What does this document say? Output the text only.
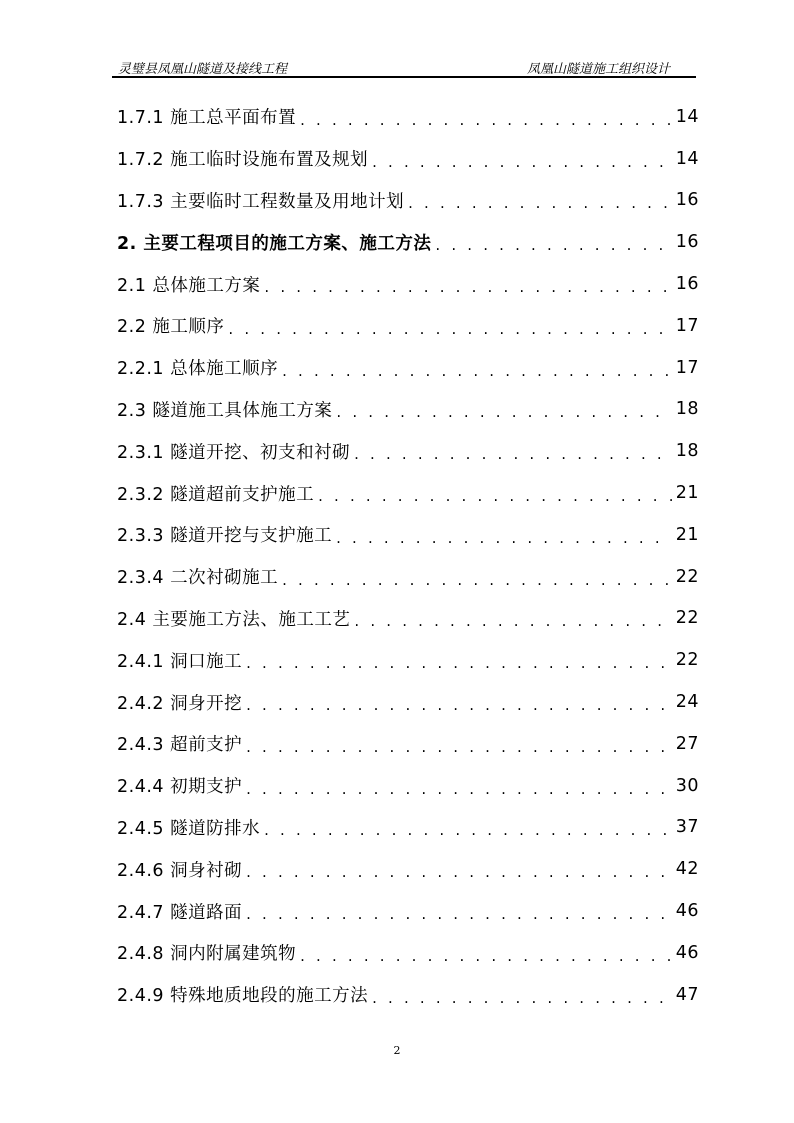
灵璧县凤凰山隧道及接线工程	凤凰山隧道施工组织设计
1.7.1 施工总平面布置 . . .	14
1.7.2 施工临时设施布置及规划 . . .	14
1.7.3 主要临时工程数量及用地计划 . . .	16
2. 主要工程项目的施工方案、施工方法 . . .	16
2.1 总体施工方案 . . .	16
2.2 施工顺序 . . .	17
2.2.1 总体施工顺序 . . .	17
2.3 隧道施工具体施工方案 . . .	18
2.3.1 隧道开挖、初支和衬砌 . . .	18
2.3.2 隧道超前支护施工 . . .	21
2.3.3 隧道开挖与支护施工 . . .	21
2.3.4 二次衬砌施工 . . .	22
2.4 主要施工方法、施工工艺 . . .	22
2.4.1 洞口施工 . . .	22
2.4.2 洞身开挖 . . .	24
2.4.3 超前支护 . . .	27
2.4.4 初期支护 . . .	30
2.4.5 隧道防排水 . . .	37
2.4.6 洞身衬砌 . . .	42
2.4.7 隧道路面 . . .	46
2.4.8 洞内附属建筑物 . . .	46
2.4.9 特殊地质地段的施工方法 . . .	47
2
